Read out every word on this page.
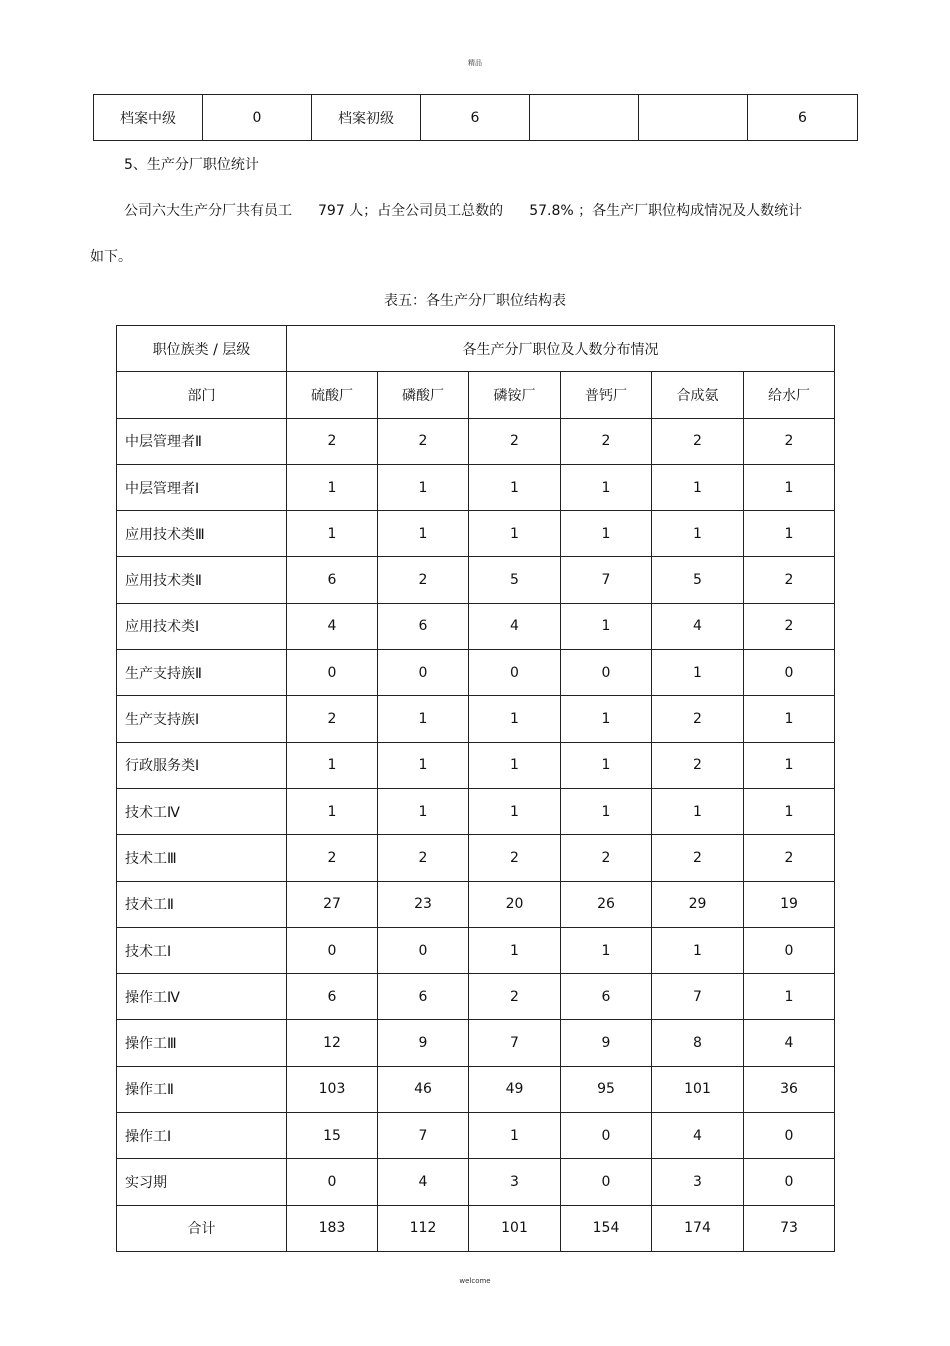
精品
档案中级	0	档案初级	6			6
5、生产分厂职位统计
公司六大生产分厂共有员工 797 人；占全公司员工总数的 57.8% ；各生产厂职位构成情况及人数统计
如下。
表五：各生产分厂职位结构表
职位族类 / 层级	各生产分厂职位及人数分布情况					
部门	硫酸厂	磷酸厂	磷铵厂	普钙厂	合成氨	给水厂
中层管理者Ⅱ	2	2	2	2	2	2
中层管理者Ⅰ	1	1	1	1	1	1
应用技术类Ⅲ	1	1	1	1	1	1
应用技术类Ⅱ	6	2	5	7	5	2
应用技术类Ⅰ	4	6	4	1	4	2
生产支持族Ⅱ	0	0	0	0	1	0
生产支持族Ⅰ	2	1	1	1	2	1
行政服务类Ⅰ	1	1	1	1	2	1
技术工Ⅳ	1	1	1	1	1	1
技术工Ⅲ	2	2	2	2	2	2
技术工Ⅱ	27	23	20	26	29	19
技术工Ⅰ	0	0	1	1	1	0
操作工Ⅳ	6	6	2	6	7	1
操作工Ⅲ	12	9	7	9	8	4
操作工Ⅱ	103	46	49	95	101	36
操作工Ⅰ	15	7	1	0	4	0
实习期	0	4	3	0	3	0
合计	183	112	101	154	174	73
welcome
